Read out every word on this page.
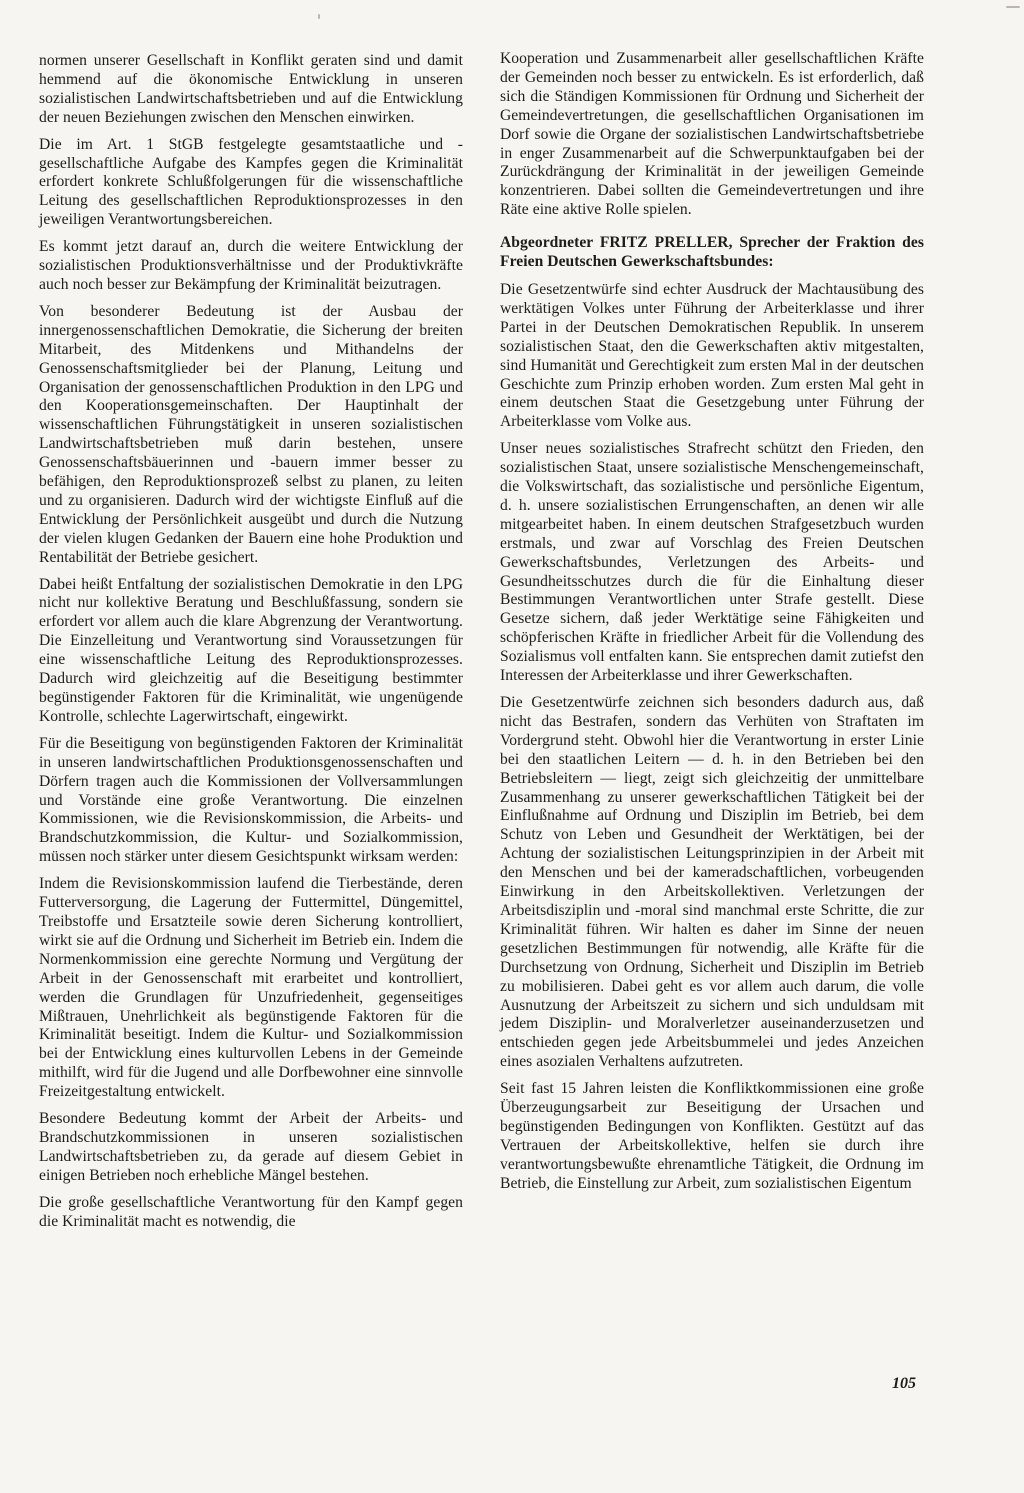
normen unserer Gesellschaft in Konflikt geraten sind und damit hemmend auf die ökonomische Entwicklung in unseren sozialistischen Landwirtschaftsbetrieben und auf die Entwicklung der neuen Beziehungen zwischen den Menschen einwirken.

Die im Art. 1 StGB festgelegte gesamtstaatliche und -gesellschaftliche Aufgabe des Kampfes gegen die Kriminalität erfordert konkrete Schlußfolgerungen für die wissenschaftliche Leitung des gesellschaftlichen Reproduktionsprozesses in den jeweiligen Verantwortungsbereichen.

Es kommt jetzt darauf an, durch die weitere Entwicklung der sozialistischen Produktionsverhältnisse und der Produktivkräfte auch noch besser zur Bekämpfung der Kriminalität beizutragen.

Von besonderer Bedeutung ist der Ausbau der innergenossenschaftlichen Demokratie, die Sicherung der breiten Mitarbeit, des Mitdenkens und Mithandelns der Genossenschaftsmitglieder bei der Planung, Leitung und Organisation der genossenschaftlichen Produktion in den LPG und den Kooperationsgemeinschaften. Der Hauptinhalt der wissenschaftlichen Führungstätigkeit in unseren sozialistischen Landwirtschaftsbetrieben muß darin bestehen, unsere Genossenschaftsbäuerinnen und -bauern immer besser zu befähigen, den Reproduktionsprozeß selbst zu planen, zu leiten und zu organisieren. Dadurch wird der wichtigste Einfluß auf die Entwicklung der Persönlichkeit ausgeübt und durch die Nutzung der vielen klugen Gedanken der Bauern eine hohe Produktion und Rentabilität der Betriebe gesichert.

Dabei heißt Entfaltung der sozialistischen Demokratie in den LPG nicht nur kollektive Beratung und Beschlußfassung, sondern sie erfordert vor allem auch die klare Abgrenzung der Verantwortung. Die Einzelleitung und Verantwortung sind Voraussetzungen für eine wissenschaftliche Leitung des Reproduktionsprozesses. Dadurch wird gleichzeitig auf die Beseitigung bestimmter begünstigender Faktoren für die Kriminalität, wie ungenügende Kontrolle, schlechte Lagerwirtschaft, eingewirkt.

Für die Beseitigung von begünstigenden Faktoren der Kriminalität in unseren landwirtschaftlichen Produktionsgenossenschaften und Dörfern tragen auch die Kommissionen der Vollversammlungen und Vorstände eine große Verantwortung. Die einzelnen Kommissionen, wie die Revisionskommission, die Arbeits- und Brandschutzkommission, die Kultur- und Sozialkommission, müssen noch stärker unter diesem Gesichtspunkt wirksam werden:

Indem die Revisionskommission laufend die Tierbestände, deren Futterversorgung, die Lagerung der Futtermittel, Düngemittel, Treibstoffe und Ersatzteile sowie deren Sicherung kontrolliert, wirkt sie auf die Ordnung und Sicherheit im Betrieb ein. Indem die Normenkommission eine gerechte Normung und Vergütung der Arbeit in der Genossenschaft mit erarbeitet und kontrolliert, werden die Grundlagen für Unzufriedenheit, gegenseitiges Mißtrauen, Unehrlichkeit als begünstigende Faktoren für die Kriminalität beseitigt. Indem die Kultur- und Sozialkommission bei der Entwicklung eines kulturvollen Lebens in der Gemeinde mithilft, wird für die Jugend und alle Dorfbewohner eine sinnvolle Freizeitgestaltung entwickelt.

Besondere Bedeutung kommt der Arbeit der Arbeits- und Brandschutzkommissionen in unseren sozialistischen Landwirtschaftsbetrieben zu, da gerade auf diesem Gebiet in einigen Betrieben noch erhebliche Mängel bestehen.

Die große gesellschaftliche Verantwortung für den Kampf gegen die Kriminalität macht es notwendig, die

Kooperation und Zusammenarbeit aller gesellschaftlichen Kräfte der Gemeinden noch besser zu entwickeln. Es ist erforderlich, daß sich die Ständigen Kommissionen für Ordnung und Sicherheit der Gemeindevertretungen, die gesellschaftlichen Organisationen im Dorf sowie die Organe der sozialistischen Landwirtschaftsbetriebe in enger Zusammenarbeit auf die Schwerpunktaufgaben bei der Zurückdrängung der Kriminalität in der jeweiligen Gemeinde konzentrieren. Dabei sollten die Gemeindevertretungen und ihre Räte eine aktive Rolle spielen.

Abgeordneter FRITZ PRELLER, Sprecher der Fraktion des Freien Deutschen Gewerkschaftsbundes:

Die Gesetzentwürfe sind echter Ausdruck der Machtausübung des werktätigen Volkes unter Führung der Arbeiterklasse und ihrer Partei in der Deutschen Demokratischen Republik. In unserem sozialistischen Staat, den die Gewerkschaften aktiv mitgestalten, sind Humanität und Gerechtigkeit zum ersten Mal in der deutschen Geschichte zum Prinzip erhoben worden. Zum ersten Mal geht in einem deutschen Staat die Gesetzgebung unter Führung der Arbeiterklasse vom Volke aus.

Unser neues sozialistisches Strafrecht schützt den Frieden, den sozialistischen Staat, unsere sozialistische Menschengemeinschaft, die Volkswirtschaft, das sozialistische und persönliche Eigentum, d. h. unsere sozialistischen Errungenschaften, an denen wir alle mitgearbeitet haben. In einem deutschen Strafgesetzbuch wurden erstmals, und zwar auf Vorschlag des Freien Deutschen Gewerkschaftsbundes, Verletzungen des Arbeits- und Gesundheitsschutzes durch die für die Einhaltung dieser Bestimmungen Verantwortlichen unter Strafe gestellt. Diese Gesetze sichern, daß jeder Werktätige seine Fähigkeiten und schöpferischen Kräfte in friedlicher Arbeit für die Vollendung des Sozialismus voll entfalten kann. Sie entsprechen damit zutiefst den Interessen der Arbeiterklasse und ihrer Gewerkschaften.

Die Gesetzentwürfe zeichnen sich besonders dadurch aus, daß nicht das Bestrafen, sondern das Verhüten von Straftaten im Vordergrund steht. Obwohl hier die Verantwortung in erster Linie bei den staatlichen Leitern — d. h. in den Betrieben bei den Betriebsleitern — liegt, zeigt sich gleichzeitig der unmittelbare Zusammenhang zu unserer gewerkschaftlichen Tätigkeit bei der Einflußnahme auf Ordnung und Disziplin im Betrieb, bei dem Schutz von Leben und Gesundheit der Werktätigen, bei der Achtung der sozialistischen Leitungsprinzipien in der Arbeit mit den Menschen und bei der kameradschaftlichen, vorbeugenden Einwirkung in den Arbeitskollektiven. Verletzungen der Arbeitsdisziplin und -moral sind manchmal erste Schritte, die zur Kriminalität führen. Wir halten es daher im Sinne der neuen gesetzlichen Bestimmungen für notwendig, alle Kräfte für die Durchsetzung von Ordnung, Sicherheit und Disziplin im Betrieb zu mobilisieren. Dabei geht es vor allem auch darum, die volle Ausnutzung der Arbeitszeit zu sichern und sich unduldsam mit jedem Disziplin- und Moralverletzer auseinanderzusetzen und entschieden gegen jede Arbeitsbummelei und jedes Anzeichen eines asozialen Verhaltens aufzutreten.

Seit fast 15 Jahren leisten die Konfliktkommissionen eine große Überzeugungsarbeit zur Beseitigung der Ursachen und begünstigenden Bedingungen von Konflikten. Gestützt auf das Vertrauen der Arbeitskollektive, helfen sie durch ihre verantwortungsbewußte ehrenamtliche Tätigkeit, die Ordnung im Betrieb, die Einstellung zur Arbeit, zum sozialistischen Eigentum

105
